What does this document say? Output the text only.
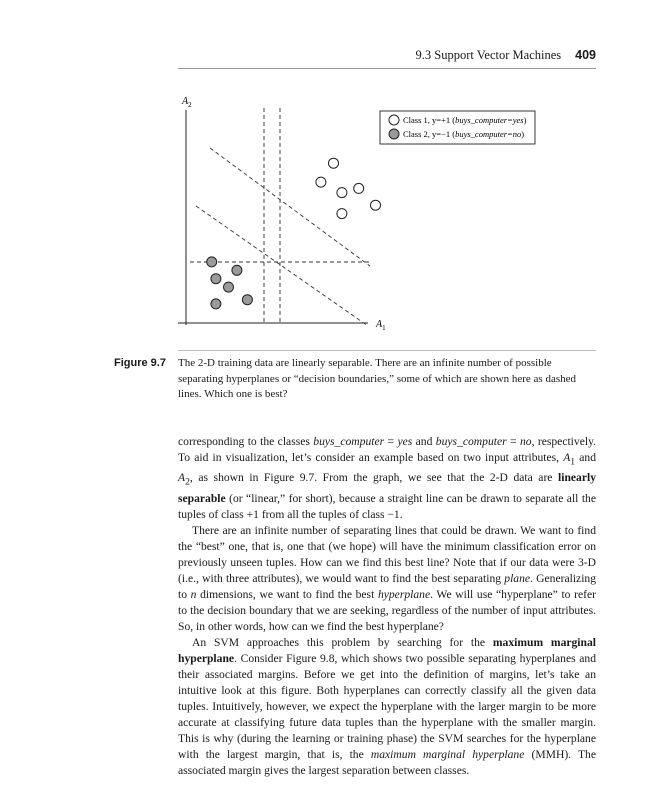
9.3 Support Vector Machines 409
$A_2$
$A_1$
Class 1, y=+1 (buys_computer=yes)
Class 2, y=−1 (buys_computer=no)
Figure 9.7 The 2-D training data are linearly separable. There are an infinite number of possible separating hyperplanes or “decision boundaries,” some of which are shown here as dashed lines. Which one is best?

corresponding to the classes buys_computer = yes and buys_computer = no, respectively. To aid in visualization, let’s consider an example based on two input attributes, $A_1$ and $A_2$, as shown in Figure 9.7. From the graph, we see that the 2-D data are linearly separable (or “linear,” for short), because a straight line can be drawn to separate all the tuples of class +1 from all the tuples of class −1.

There are an infinite number of separating lines that could be drawn. We want to find the “best” one, that is, one that (we hope) will have the minimum classification error on previously unseen tuples. How can we find this best line? Note that if our data were 3-D (i.e., with three attributes), we would want to find the best separating plane. Generalizing to n dimensions, we want to find the best hyperplane. We will use “hyperplane” to refer to the decision boundary that we are seeking, regardless of the number of input attributes. So, in other words, how can we find the best hyperplane?

An SVM approaches this problem by searching for the maximum marginal hyperplane. Consider Figure 9.8, which shows two possible separating hyperplanes and their associated margins. Before we get into the definition of margins, let’s take an intuitive look at this figure. Both hyperplanes can correctly classify all the given data tuples. Intuitively, however, we expect the hyperplane with the larger margin to be more accurate at classifying future data tuples than the hyperplane with the smaller margin. This is why (during the learning or training phase) the SVM searches for the hyperplane with the largest margin, that is, the maximum marginal hyperplane (MMH). The associated margin gives the largest separation between classes.
